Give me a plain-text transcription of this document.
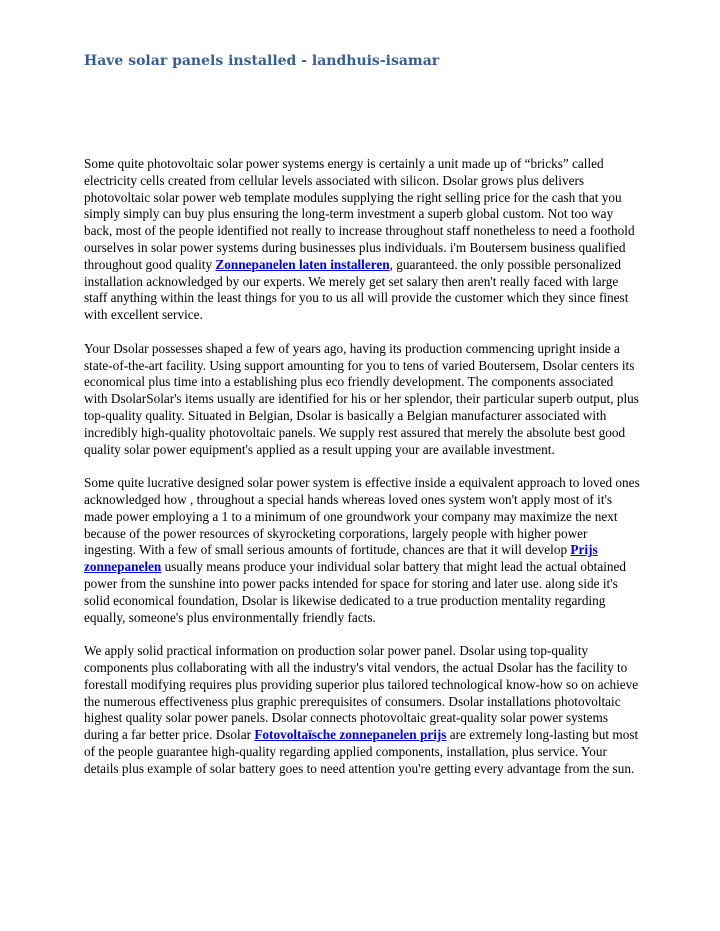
Have solar panels installed - landhuis-isamar

Some quite photovoltaic solar power systems energy is certainly a unit made up of “bricks” called electricity cells created from cellular levels associated with silicon. Dsolar grows plus delivers photovoltaic solar power web template modules supplying the right selling price for the cash that you simply simply can buy plus ensuring the long-term investment a superb global custom. Not too way back, most of the people identified not really to increase throughout staff nonetheless to need a foothold ourselves in solar power systems during businesses plus individuals. i'm Boutersem business qualified throughout good quality Zonnepanelen laten installeren, guaranteed. the only possible personalized installation acknowledged by our experts. We merely get set salary then aren't really faced with large staff anything within the least things for you to us all will provide the customer which they since finest with excellent service.

Your Dsolar possesses shaped a few of years ago, having its production commencing upright inside a state-of-the-art facility. Using support amounting for you to tens of varied Boutersem, Dsolar centers its economical plus time into a establishing plus eco friendly development. The components associated with DsolarSolar's items usually are identified for his or her splendor, their particular superb output, plus top-quality quality. Situated in Belgian, Dsolar is basically a Belgian manufacturer associated with incredibly high-quality photovoltaic panels. We supply rest assured that merely the absolute best good quality solar power equipment's applied as a result upping your are available investment.

Some quite lucrative designed solar power system is effective inside a equivalent approach to loved ones acknowledged how , throughout a special hands whereas loved ones system won't apply most of it's made power employing a 1 to a minimum of one groundwork your company may maximize the next because of the power resources of skyrocketing corporations, largely people with higher power ingesting. With a few of small serious amounts of fortitude, chances are that it will develop Prijs zonnepanelen usually means produce your individual solar battery that might lead the actual obtained power from the sunshine into power packs intended for space for storing and later use. along side it's solid economical foundation, Dsolar is likewise dedicated to a true production mentality regarding equally, someone's plus environmentally friendly facts.

We apply solid practical information on production solar power panel. Dsolar using top-quality components plus collaborating with all the industry's vital vendors, the actual Dsolar has the facility to forestall modifying requires plus providing superior plus tailored technological know-how so on achieve the numerous effectiveness plus graphic prerequisites of consumers. Dsolar installations photovoltaic highest quality solar power panels. Dsolar connects photovoltaic great-quality solar power systems during a far better price. Dsolar Fotovoltaïsche zonnepanelen prijs are extremely long-lasting but most of the people guarantee high-quality regarding applied components, installation, plus service. Your details plus example of solar battery goes to need attention you're getting every advantage from the sun.
